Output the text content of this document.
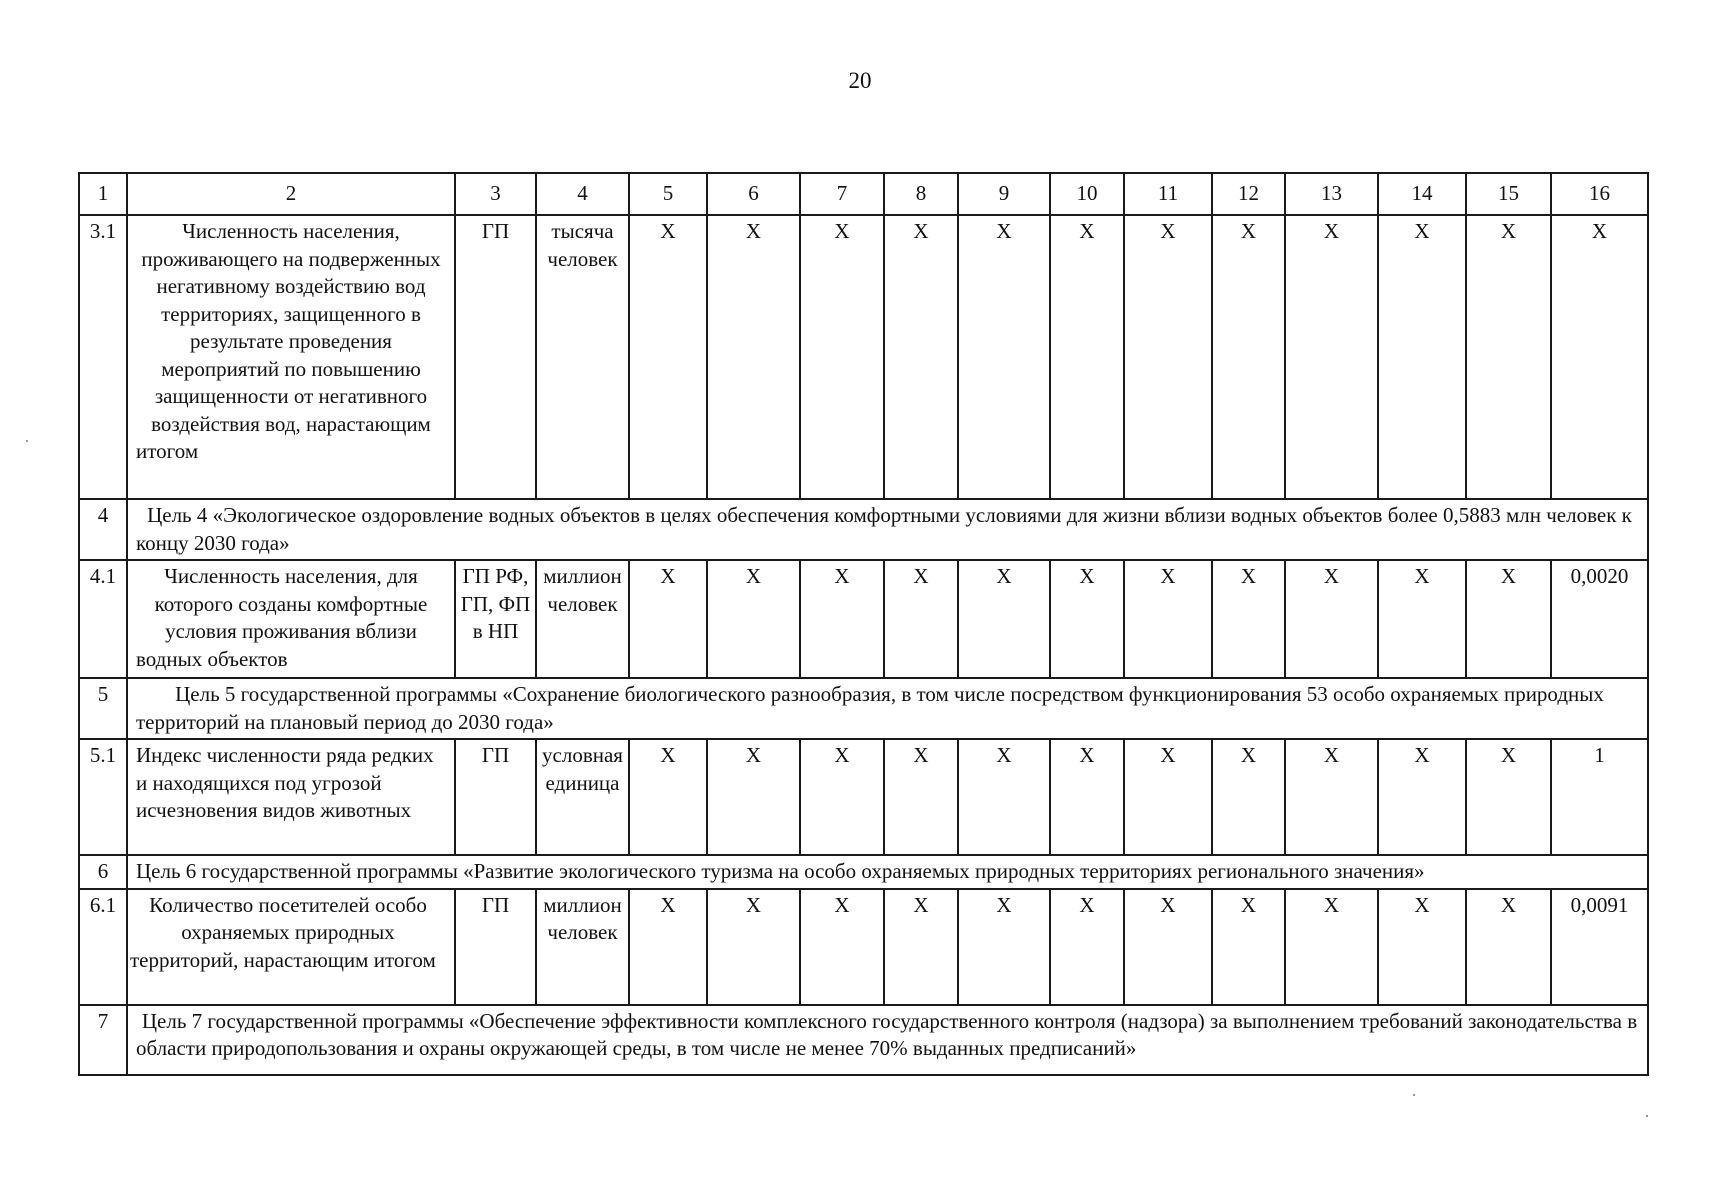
20
1	2	3	4	5	6	7	8	9	10	11	12	13	14	15	16
3.1	Численность населения, проживающего на подверженных негативному воздействию вод территориях, защищенного в результате проведения мероприятий по повышению защищенности от негативного воздействия вод, нарастающим итогом	ГП	тысяча человек	X	X	X	X	X	X	X	X	X	X	X	X
4	Цель 4 «Экологическое оздоровление водных объектов в целях обеспечения комфортными условиями для жизни вблизи водных объектов более 0,5883 млн человек к концу 2030 года»														
4.1	Численность населения, для которого созданы комфортные условия проживания вблизи водных объектов	ГП РФ, ГП, ФП в НП	миллион человек	X	X	X	X	X	X	X	X	X	X	X	0,0020
5	Цель 5 государственной программы «Сохранение биологического разнообразия, в том числе посредством функционирования 53 особо охраняемых природных территорий на плановый период до 2030 года»														
5.1	Индекс численности ряда редких и находящихся под угрозой исчезновения видов животных	ГП	условная единица	X	X	X	X	X	X	X	X	X	X	X	1
6	Цель 6 государственной программы «Развитие экологического туризма на особо охраняемых природных территориях регионального значения»														
6.1	Количество посетителей особо охраняемых природных территорий, нарастающим итогом	ГП	миллион человек	X	X	X	X	X	X	X	X	X	X	X	0,0091
7	Цель 7 государственной программы «Обеспечение эффективности комплексного государственного контроля (надзора) за выполнением требований законодательства в области природопользования и охраны окружающей среды, в том числе не менее 70% выданных предписаний»														
